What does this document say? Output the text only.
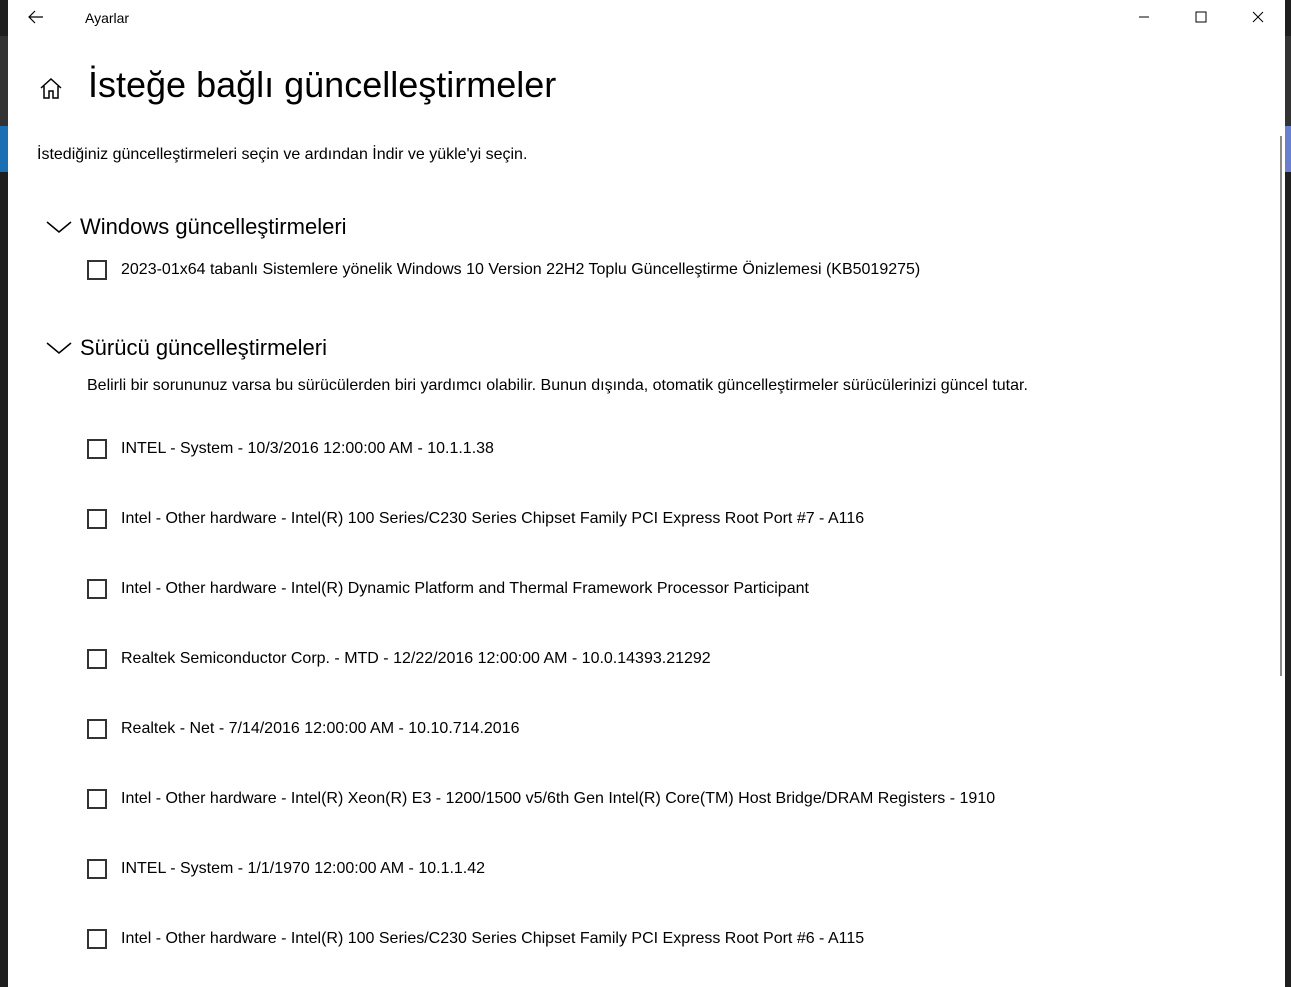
Ayarlar
İsteğe bağlı güncelleştirmeler
İstediğiniz güncelleştirmeleri seçin ve ardından İndir ve yükle'yi seçin.
Windows güncelleştirmeleri
2023-01x64 tabanlı Sistemlere yönelik Windows 10 Version 22H2 Toplu Güncelleştirme Önizlemesi (KB5019275)
Sürücü güncelleştirmeleri
Belirli bir sorununuz varsa bu sürücülerden biri yardımcı olabilir. Bunun dışında, otomatik güncelleştirmeler sürücülerinizi güncel tutar.
INTEL - System - 10/3/2016 12:00:00 AM - 10.1.1.38
Intel - Other hardware - Intel(R) 100 Series/C230 Series Chipset Family PCI Express Root Port #7 - A116
Intel - Other hardware - Intel(R) Dynamic Platform and Thermal Framework Processor Participant
Realtek Semiconductor Corp. - MTD - 12/22/2016 12:00:00 AM - 10.0.14393.21292
Realtek - Net - 7/14/2016 12:00:00 AM - 10.10.714.2016
Intel - Other hardware - Intel(R) Xeon(R) E3 - 1200/1500 v5/6th Gen Intel(R) Core(TM) Host Bridge/DRAM Registers - 1910
INTEL - System - 1/1/1970 12:00:00 AM - 10.1.1.42
Intel - Other hardware - Intel(R) 100 Series/C230 Series Chipset Family PCI Express Root Port #6 - A115
